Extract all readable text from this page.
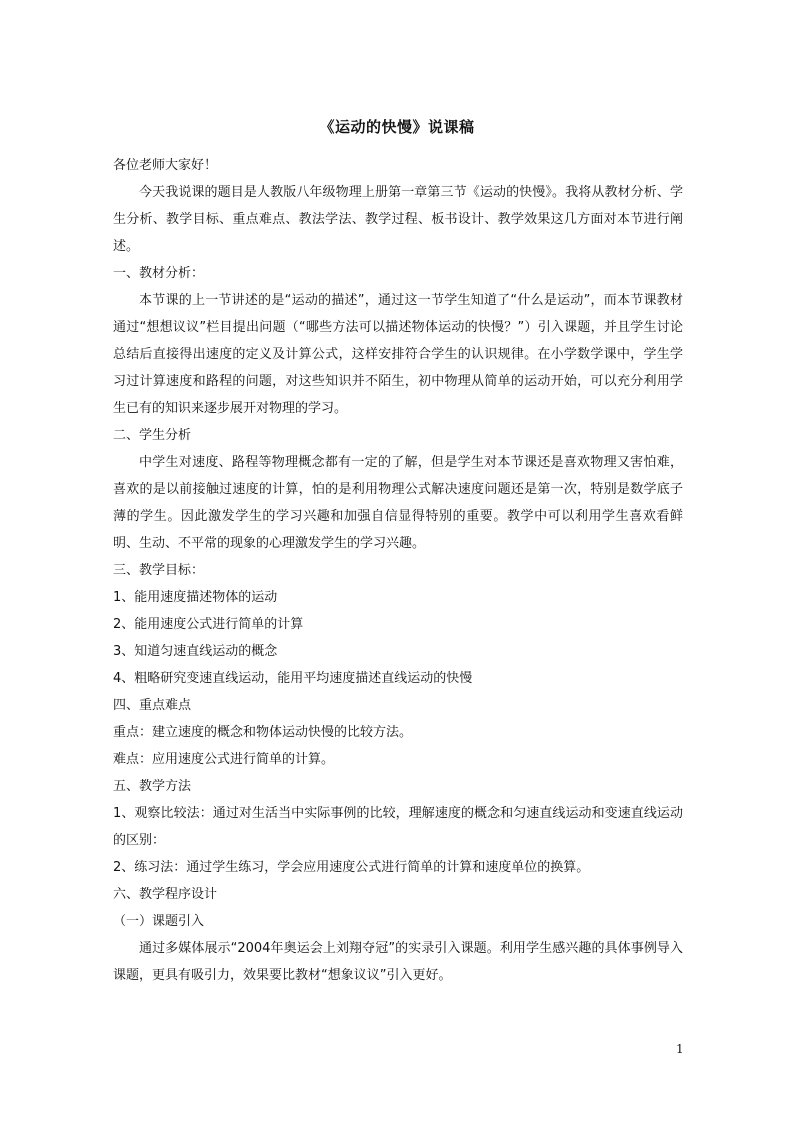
《运动的快慢》说课稿

各位老师大家好！

今天我说课的题目是人教版八年级物理上册第一章第三节《运动的快慢》。我将从教材分析、学生分析、教学目标、重点难点、教法学法、教学过程、板书设计、教学效果这几方面对本节进行阐述。

一、教材分析：

本节课的上一节讲述的是“运动的描述”，通过这一节学生知道了“什么是运动”，而本节课教材通过“想想议议”栏目提出问题（“哪些方法可以描述物体运动的快慢？”）引入课题，并且学生讨论总结后直接得出速度的定义及计算公式，这样安排符合学生的认识规律。在小学数学课中，学生学习过计算速度和路程的问题，对这些知识并不陌生，初中物理从简单的运动开始，可以充分利用学生已有的知识来逐步展开对物理的学习。

二、学生分析

中学生对速度、路程等物理概念都有一定的了解，但是学生对本节课还是喜欢物理又害怕难，喜欢的是以前接触过速度的计算，怕的是利用物理公式解决速度问题还是第一次，特别是数学底子薄的学生。因此激发学生的学习兴趣和加强自信显得特别的重要。教学中可以利用学生喜欢看鲜明、生动、不平常的现象的心理激发学生的学习兴趣。

三、教学目标：

1、能用速度描述物体的运动

2、能用速度公式进行简单的计算

3、知道匀速直线运动的概念

4、粗略研究变速直线运动，能用平均速度描述直线运动的快慢

四、重点难点

重点：建立速度的概念和物体运动快慢的比较方法。

难点：应用速度公式进行简单的计算。

五、教学方法

1、观察比较法：通过对生活当中实际事例的比较，理解速度的概念和匀速直线运动和变速直线运动的区别：

2、练习法：通过学生练习，学会应用速度公式进行简单的计算和速度单位的换算。

六、教学程序设计

（一）课题引入

通过多媒体展示“2004年奥运会上刘翔夺冠”的实录引入课题。利用学生感兴趣的具体事例导入课题，更具有吸引力，效果要比教材“想象议议”引入更好。

1
